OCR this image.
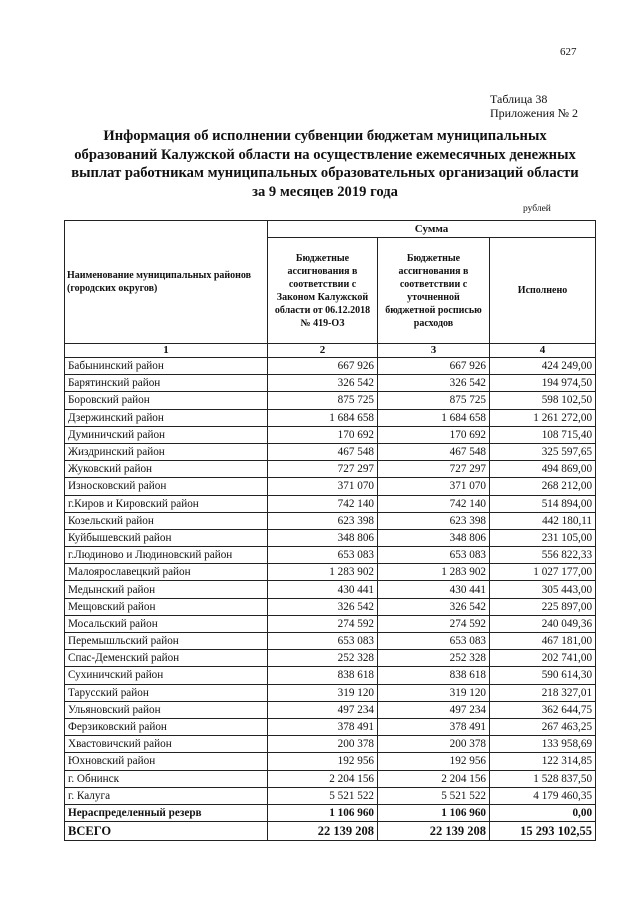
627
Таблица 38
Приложения № 2
Информация об исполнении субвенции бюджетам муниципальных
образований Калужской области на осуществление ежемесячных денежных
выплат работникам муниципальных образовательных организаций области
за 9 месяцев 2019 года
рублей
Наименование муниципальных районов (городских округов)	Сумма		
	Бюджетные ассигнования в соответствии с Законом Калужской области от 06.12.2018 № 419-ОЗ	Бюджетные ассигнования в соответствии с уточненной бюджетной росписью расходов	Исполнено
1	2	3	4
Бабынинский район	667 926	667 926	424 249,00
Барятинский район	326 542	326 542	194 974,50
Боровский район	875 725	875 725	598 102,50
Дзержинский район	1 684 658	1 684 658	1 261 272,00
Думиничский район	170 692	170 692	108 715,40
Жиздринский район	467 548	467 548	325 597,65
Жуковский район	727 297	727 297	494 869,00
Износковский район	371 070	371 070	268 212,00
г.Киров и Кировский район	742 140	742 140	514 894,00
Козельский район	623 398	623 398	442 180,11
Куйбышевский район	348 806	348 806	231 105,00
г.Людиново и Людиновский район	653 083	653 083	556 822,33
Малоярославецкий район	1 283 902	1 283 902	1 027 177,00
Медынский район	430 441	430 441	305 443,00
Мещовский район	326 542	326 542	225 897,00
Мосальский район	274 592	274 592	240 049,36
Перемышльский район	653 083	653 083	467 181,00
Спас-Деменский район	252 328	252 328	202 741,00
Сухиничский район	838 618	838 618	590 614,30
Тарусский район	319 120	319 120	218 327,01
Ульяновский район	497 234	497 234	362 644,75
Ферзиковский район	378 491	378 491	267 463,25
Хвастовичский район	200 378	200 378	133 958,69
Юхновский район	192 956	192 956	122 314,85
г. Обнинск	2 204 156	2 204 156	1 528 837,50
г. Калуга	5 521 522	5 521 522	4 179 460,35
Нераспределенный резерв	1 106 960	1 106 960	0,00
ВСЕГО	22 139 208	22 139 208	15 293 102,55
